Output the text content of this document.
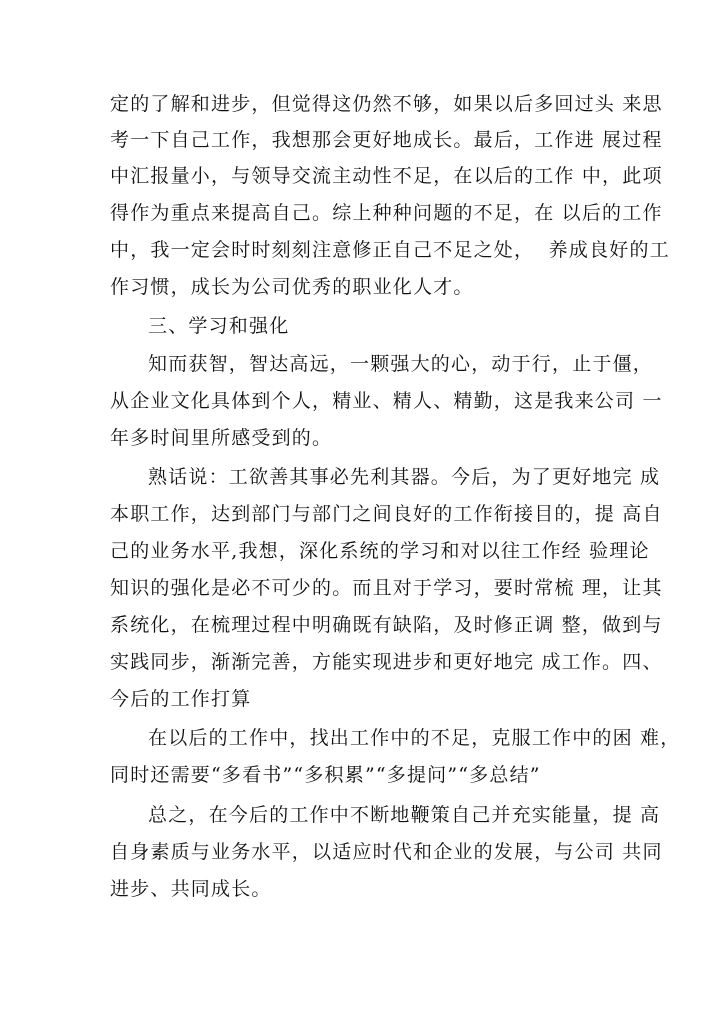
定的了解和进步，但觉得这仍然不够，如果以后多回过头 来思
考一下自己工作，我想那会更好地成长。最后，工作进 展过程
中汇报量小，与领导交流主动性不足，在以后的工作 中，此项
得作为重点来提高自己。综上种种问题的不足，在 以后的工作
中，我一定会时时刻刻注意修正自己不足之处，  养成良好的工
作习惯，成长为公司优秀的职业化人才。
三、学习和强化
知而获智，智达高远，一颗强大的心，动于行，止于僵，
从企业文化具体到个人，精业、精人、精勤，这是我来公司 一
年多时间里所感受到的。
熟话说：工欲善其事必先利其器。今后，为了更好地完 成
本职工作，达到部门与部门之间良好的工作衔接目的，提 高自
己的业务水平,我想，深化系统的学习和对以往工作经 验理论
知识的强化是必不可少的。而且对于学习，要时常梳 理，让其
系统化，在梳理过程中明确既有缺陷，及时修正调 整，做到与
实践同步，渐渐完善，方能实现进步和更好地完 成工作。四、
今后的工作打算
在以后的工作中，找出工作中的不足，克服工作中的困 难，
同时还需要“多看书”“多积累”“多提问”“多总结”
总之，在今后的工作中不断地鞭策自己并充实能量，提 高
自身素质与业务水平，以适应时代和企业的发展，与公司 共同
进步、共同成长。
